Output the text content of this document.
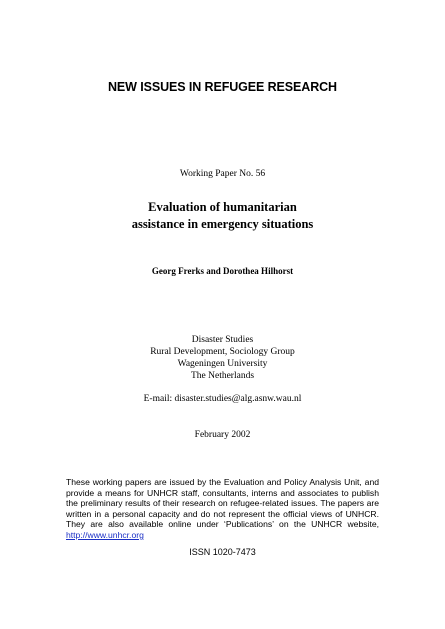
NEW ISSUES IN REFUGEE RESEARCH
Working Paper No. 56
Evaluation of humanitarian
assistance in emergency situations
Georg Frerks and Dorothea Hilhorst
Disaster Studies
Rural Development, Sociology Group
Wageningen University
The Netherlands
E-mail: disaster.studies@alg.asnw.wau.nl
February 2002
These working papers are issued by the Evaluation and Policy Analysis Unit, and provide a means for UNHCR staff, consultants, interns and associates to publish the preliminary results of their research on refugee-related issues. The papers are written in a personal capacity and do not represent the official views of UNHCR. They are also available online under ‘Publications’ on the UNHCR website, http://www.unhcr.org
ISSN 1020-7473
